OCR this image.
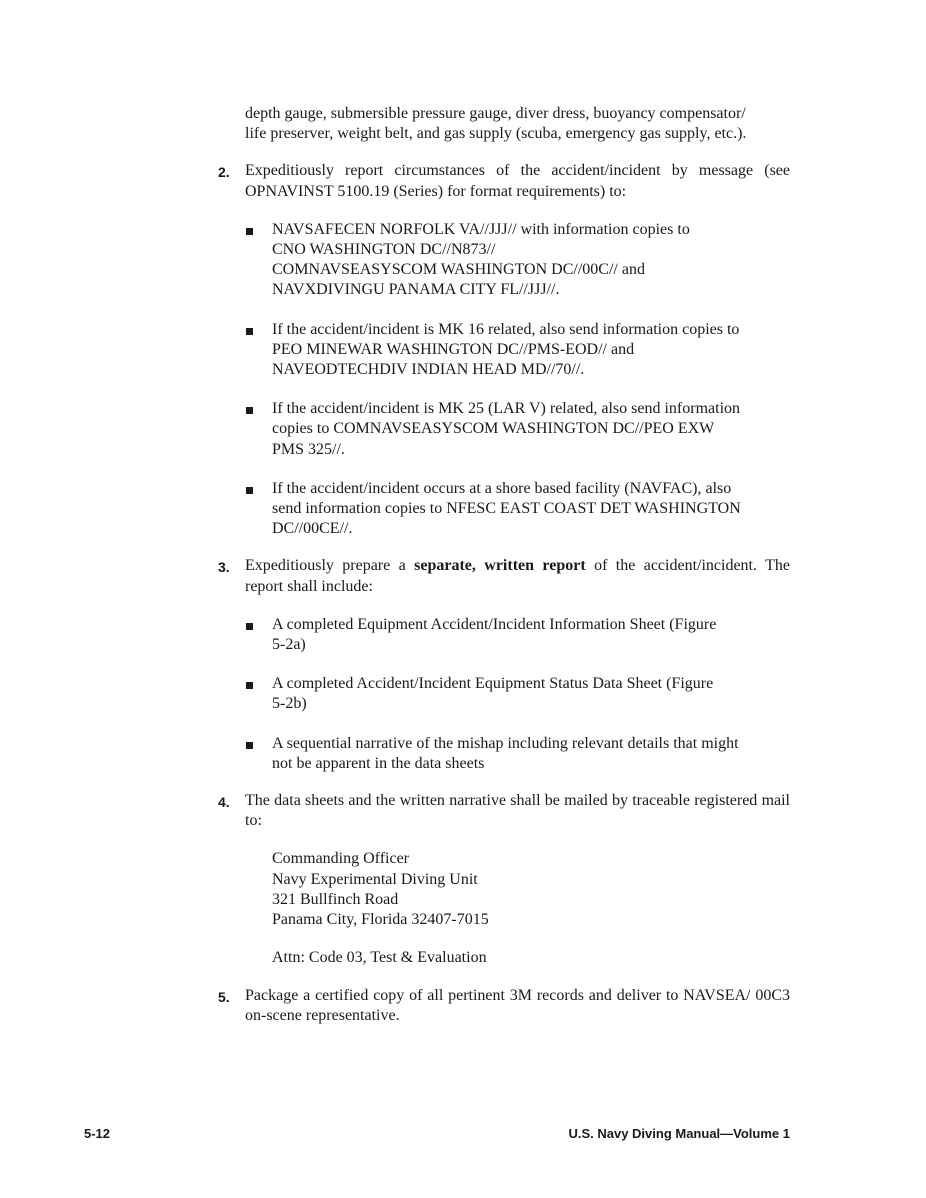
depth gauge, submersible pressure gauge, diver dress, buoyancy compensator/
life preserver, weight belt, and gas supply (scuba, emergency gas supply, etc.).

2. Expeditiously report circumstances of the accident/incident by message (see OPNAVINST 5100.19 (Series) for format requirements) to:
NAVSAFECEN NORFOLK VA//JJJ// with information copies to
CNO WASHINGTON DC//N873//
COMNAVSEASYSCOM WASHINGTON DC//00C// and
NAVXDIVINGU PANAMA CITY FL//JJJ//.
If the accident/incident is MK 16 related, also send information copies to
PEO MINEWAR WASHINGTON DC//PMS-EOD// and
NAVEODTECHDIV INDIAN HEAD MD//70//.
If the accident/incident is MK 25 (LAR V) related, also send information
copies to COMNAVSEASYSCOM WASHINGTON DC//PEO EXW
PMS 325//.
If the accident/incident occurs at a shore based facility (NAVFAC), also
send information copies to NFESC EAST COAST DET WASHINGTON
DC//00CE//.
3. Expeditiously prepare a separate, written report of the accident/incident. The report shall include:
A completed Equipment Accident/Incident Information Sheet (Figure
5-2a)
A completed Accident/Incident Equipment Status Data Sheet (Figure
5-2b)
A sequential narrative of the mishap including relevant details that might
not be apparent in the data sheets
4. The data sheets and the written narrative shall be mailed by traceable registered mail to:
Commanding Officer
Navy Experimental Diving Unit
321 Bullfinch Road
Panama City, Florida 32407-7015
Attn: Code 03, Test & Evaluation
5. Package a certified copy of all pertinent 3M records and deliver to NAVSEA/ 00C3 on-scene representative.
5-12	U.S. Navy Diving Manual—Volume 1
